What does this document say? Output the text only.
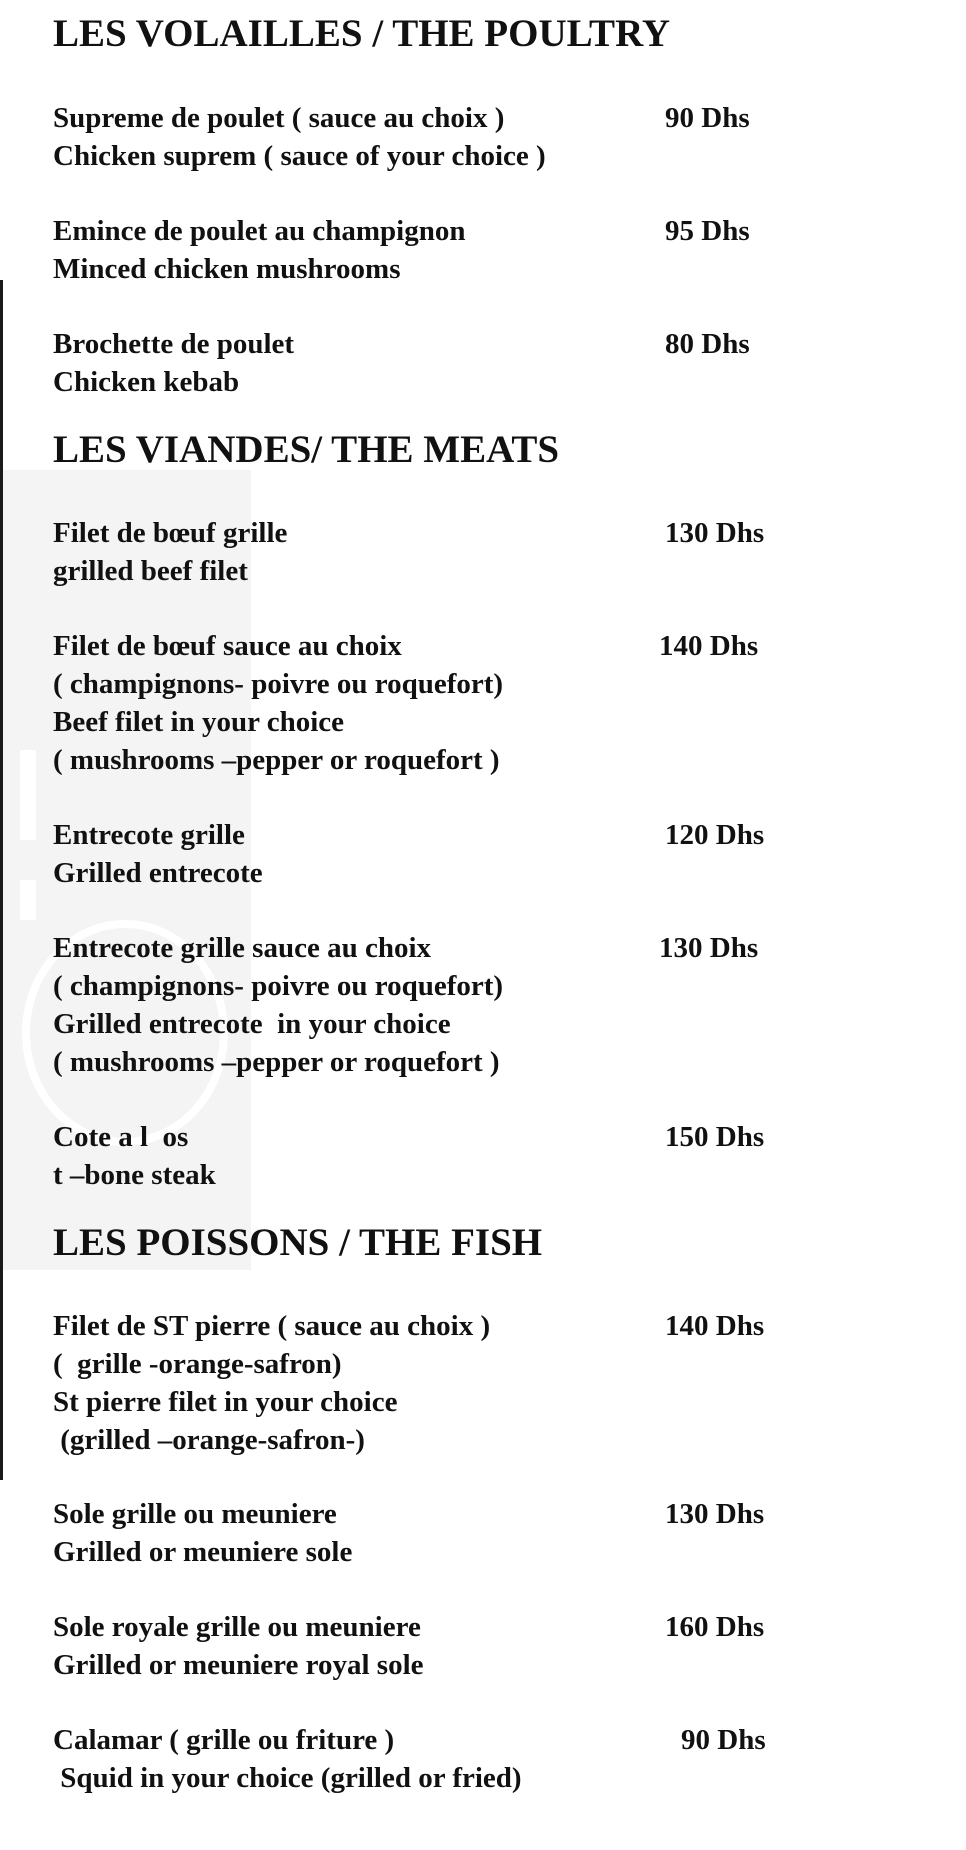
LES VOLAILLES / THE POULTRY

Supreme de poulet ( sauce au choix )

Chicken suprem ( sauce of your choice )

90 Dhs

Emince de poulet au champignon

Minced chicken mushrooms

95 Dhs

Brochette de poulet

Chicken kebab

80 Dhs

LES VIANDES/ THE MEATS

Filet de bœuf grille

grilled beef filet

130 Dhs

Filet de bœuf sauce au choix

( champignons- poivre ou roquefort)

Beef filet in your choice

( mushrooms –pepper or roquefort )

140 Dhs

Entrecote grille

Grilled entrecote

120 Dhs

Entrecote grille sauce au choix

( champignons- poivre ou roquefort)

Grilled entrecote  in your choice

( mushrooms –pepper or roquefort )

130 Dhs

Cote a l  os

t –bone steak

150 Dhs

LES POISSONS / THE FISH

Filet de ST pierre ( sauce au choix )

(  grille -orange-safron)

St pierre filet in your choice

(grilled –orange-safron-)

140 Dhs

Sole grille ou meuniere

Grilled or meuniere sole

130 Dhs

Sole royale grille ou meuniere

Grilled or meuniere royal sole

160 Dhs

Calamar ( grille ou friture )

Squid in your choice (grilled or fried)

90 Dhs
